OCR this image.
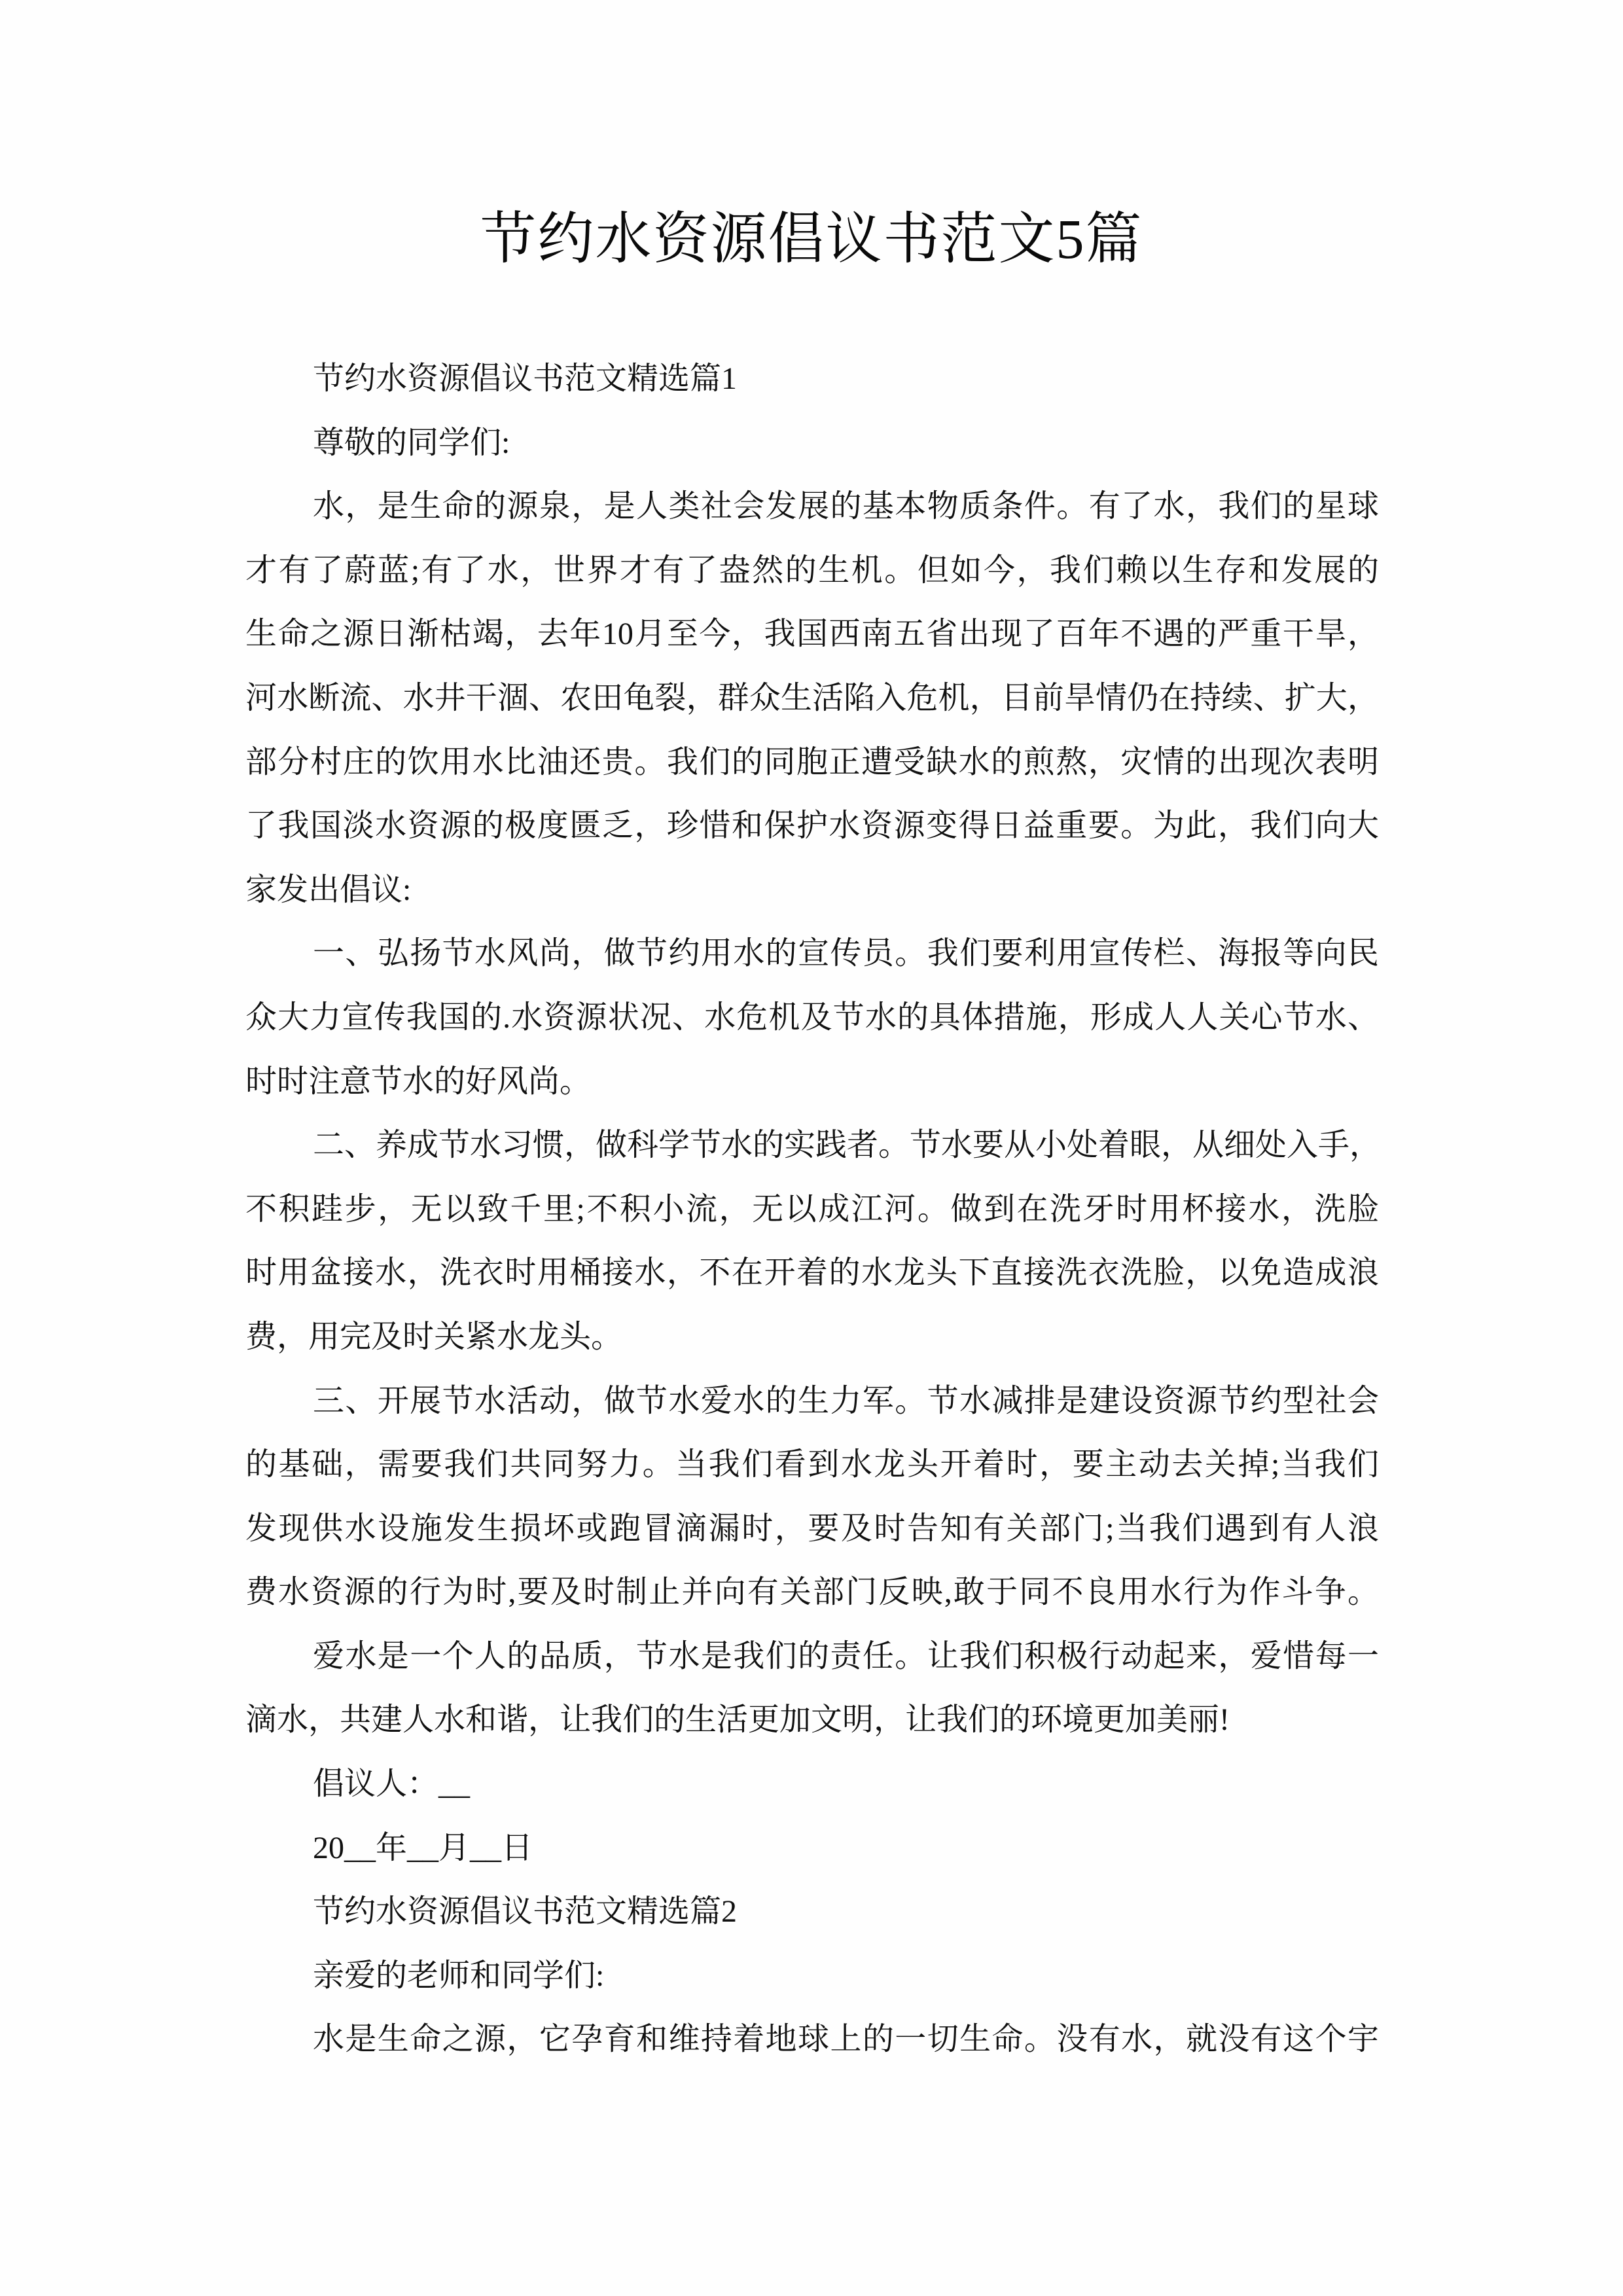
节约水资源倡议书范文5篇
节约水资源倡议书范文精选篇1
尊敬的同学们:
水，是生命的源泉，是人类社会发展的基本物质条件。有了水，我们的星球
才有了蔚蓝;有了水，世界才有了盎然的生机。但如今，我们赖以生存和发展的
生命之源日渐枯竭，去年10月至今，我国西南五省出现了百年不遇的严重干旱，
河水断流、水井干涸、农田龟裂，群众生活陷入危机，目前旱情仍在持续、扩大，
部分村庄的饮用水比油还贵。我们的同胞正遭受缺水的煎熬，灾情的出现次表明
了我国淡水资源的极度匮乏，珍惜和保护水资源变得日益重要。为此，我们向大
家发出倡议:
一、弘扬节水风尚，做节约用水的宣传员。我们要利用宣传栏、海报等向民
众大力宣传我国的.水资源状况、水危机及节水的具体措施，形成人人关心节水、
时时注意节水的好风尚。
二、养成节水习惯，做科学节水的实践者。节水要从小处着眼，从细处入手，
不积跬步，无以致千里;不积小流，无以成江河。做到在洗牙时用杯接水，洗脸
时用盆接水，洗衣时用桶接水，不在开着的水龙头下直接洗衣洗脸，以免造成浪
费，用完及时关紧水龙头。
三、开展节水活动，做节水爱水的生力军。节水减排是建设资源节约型社会
的基础，需要我们共同努力。当我们看到水龙头开着时，要主动去关掉;当我们
发现供水设施发生损坏或跑冒滴漏时，要及时告知有关部门;当我们遇到有人浪
费水资源的行为时,要及时制止并向有关部门反映,敢于同不良用水行为作斗争。
爱水是一个人的品质，节水是我们的责任。让我们积极行动起来，爱惜每一
滴水，共建人水和谐，让我们的生活更加文明，让我们的环境更加美丽!
倡议人：__
20__年__月__日
节约水资源倡议书范文精选篇2
亲爱的老师和同学们:
水是生命之源，它孕育和维持着地球上的一切生命。没有水，就没有这个宇
